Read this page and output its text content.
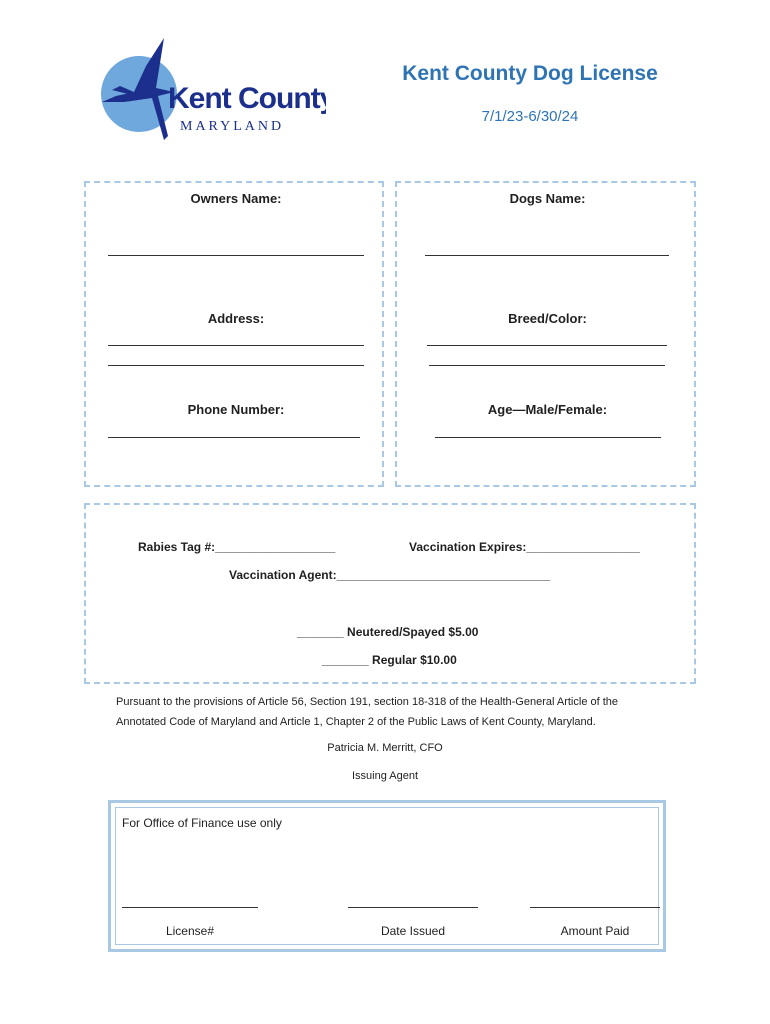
Kent County
MARYLAND
Kent County Dog License
7/1/23-6/30/24
Owners Name:
Address:
Phone Number:
Dogs Name:
Breed/Color:
Age—Male/Female:
Rabies Tag #:__________________	Vaccination Expires:_________________
Vaccination Agent:________________________________
_______ Neutered/Spayed $5.00
_______ Regular $10.00
Pursuant to the provisions of Article 56, Section 191, section 18-318 of the Health-General Article of the
Annotated Code of Maryland and Article 1, Chapter 2 of the Public Laws of Kent County, Maryland.
Patricia M. Merritt, CFO
Issuing Agent
For Office of Finance use only
License#	Date Issued	Amount Paid
